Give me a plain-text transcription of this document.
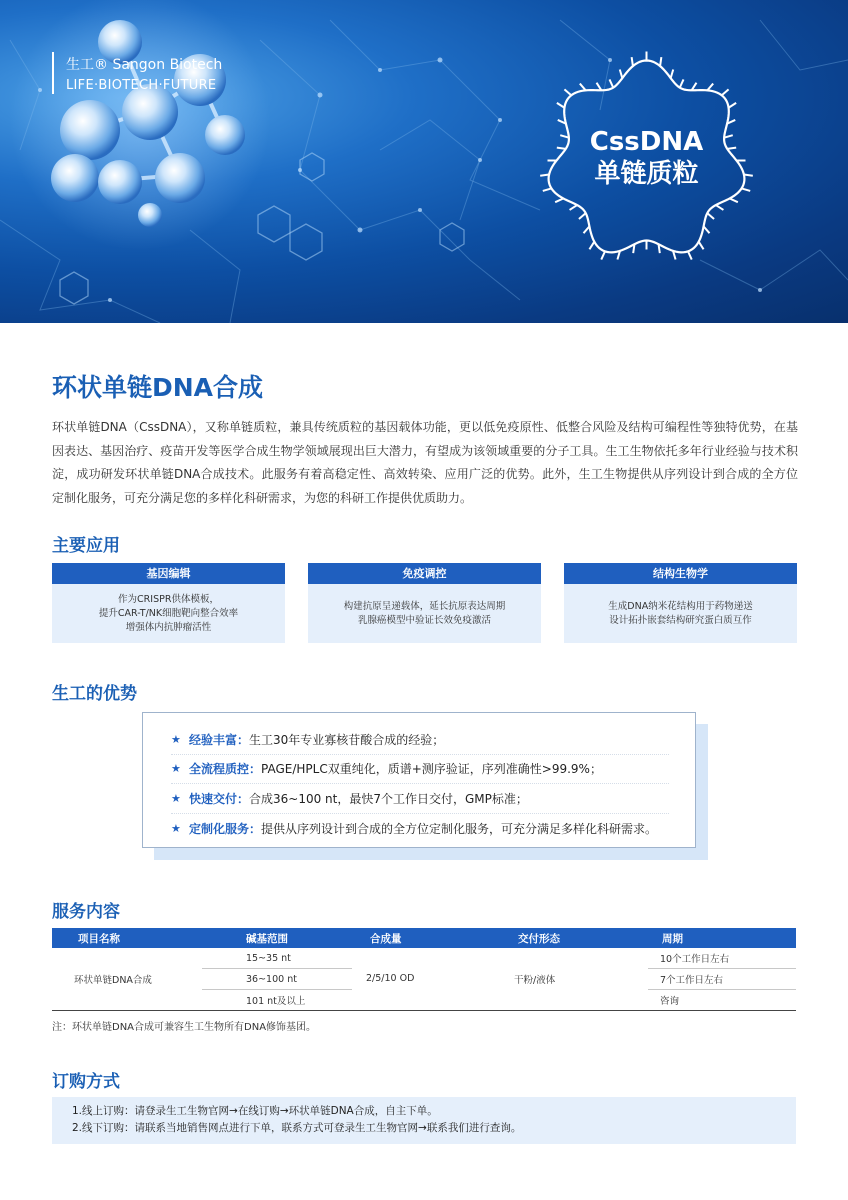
生工® Sangon Biotech
LIFE·BIOTECH·FUTURE
CssDNA
单链质粒
环状单链DNA合成
环状单链DNA（CssDNA），又称单链质粒，兼具传统质粒的基因载体功能，更以低免疫原性、低整合风险及结构可编程性等独特优势，在基因表达、基因治疗、疫苗开发等医学合成生物学领域展现出巨大潜力，有望成为该领域重要的分子工具。生工生物依托多年行业经验与技术积淀，成功研发环状单链DNA合成技术。此服务有着高稳定性、高效转染、应用广泛的优势。此外，生工生物提供从序列设计到合成的全方位定制化服务，可充分满足您的多样化科研需求，为您的科研工作提供优质助力。
主要应用
基因编辑
作为CRISPR供体模板，
提升CAR-T/NK细胞靶向整合效率
增强体内抗肿瘤活性
免疫调控
构建抗原呈递载体，延长抗原表达周期
乳腺癌模型中验证长效免疫激活
结构生物学
生成DNA纳米花结构用于药物递送
设计拓扑嵌套结构研究蛋白质互作
生工的优势
★ 经验丰富： 生工30年专业寡核苷酸合成的经验；
★ 全流程质控： PAGE/HPLC双重纯化，质谱+测序验证，序列准确性>99.9%；
★ 快速交付： 合成36~100 nt，最快7个工作日交付，GMP标准；
★ 定制化服务： 提供从序列设计到合成的全方位定制化服务，可充分满足多样化科研需求。
服务内容
项目名称	碱基范围	合成量	交付形态	周期
环状单链DNA合成	15~35 nt	2/5/10 OD	干粉/液体	10个工作日左右
	36~100 nt			7个工作日左右
	101 nt及以上			咨询
注：环状单链DNA合成可兼容生工生物所有DNA修饰基团。
订购方式
1.线上订购：请登录生工生物官网→在线订购→环状单链DNA合成，自主下单。
2.线下订购：请联系当地销售网点进行下单，联系方式可登录生工生物官网→联系我们进行查询。
